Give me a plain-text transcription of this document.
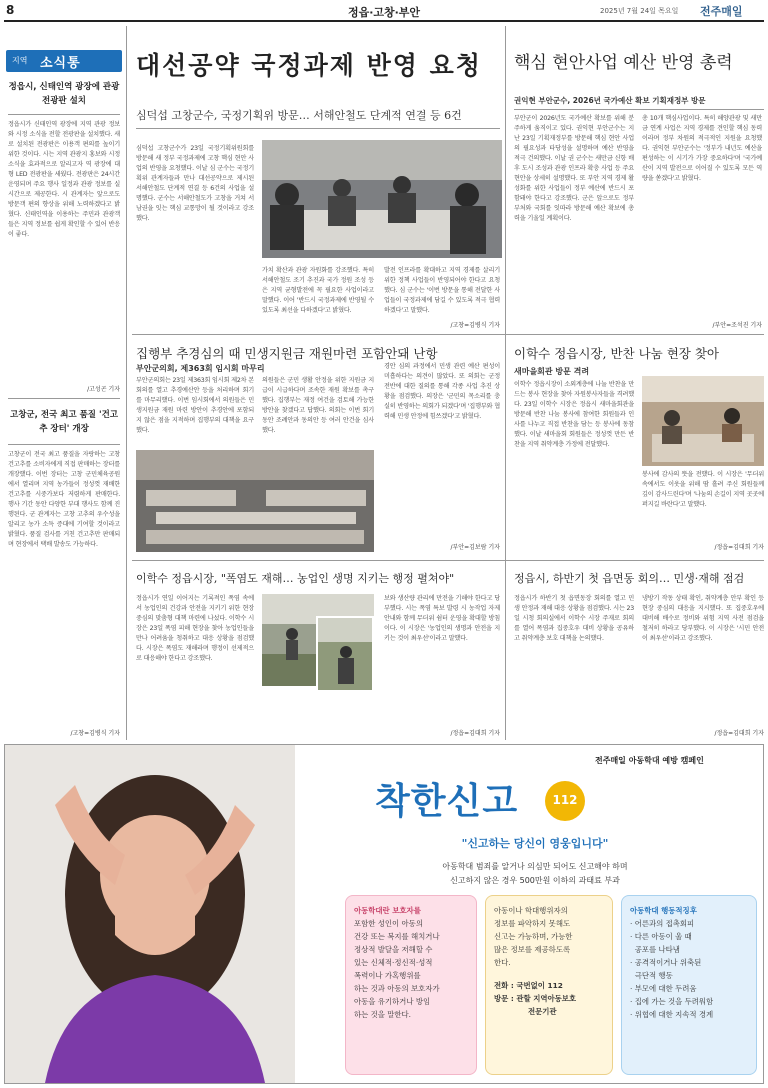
8	정읍·고창·부안	2025년 7월 24일 목요일 전주매일
지역 소식통
정읍시, 신태인역 광장에 관광 전광판 설치
정읍시가 신태인역 광장에 지역 관광 정보와 시정 소식을 전할 전광판을 설치했다. 새로 설치된 전광판은 이용객 편의를 높이기 위한 것이다. 시는 지역 관광지 홍보와 시정 소식을 효과적으로 알리고자 역 광장에 대형 LED 전광판을 세웠다. 전광판은 24시간 운영되며 주요 행사 일정과 관광 정보를 실시간으로 제공한다. 시 관계자는 앞으로도 방문객 편의 향상을 위해 노력하겠다고 밝혔다. 신태인역을 이용하는 주민과 관광객들은 지역 정보를 쉽게 확인할 수 있어 반응이 좋다.
/고성곤 기자
고창군, 전국 최고 품질 '건고추 장터' 개장
고창군이 전국 최고 품질을 자랑하는 고창 건고추를 소비자에게 직접 판매하는 장터를 개장했다. 이번 장터는 고창 군민체육공원에서 열리며 지역 농가들이 정성껏 재배한 건고추를 시중가보다 저렴하게 판매한다. 행사 기간 동안 다양한 부대 행사도 함께 진행된다. 군 관계자는 고창 고추의 우수성을 알리고 농가 소득 증대에 기여할 것이라고 밝혔다. 품질 검사를 거친 건고추만 판매되며 현장에서 택배 발송도 가능하다.
/고창=김병식 기자
대선공약 국정과제 반영 요청
심덕섭 고창군수, 국정기획위 방문… 서해안철도 단계적 연결 등 6건
심덕섭 고창군수가 23일 국정기획위원회를 방문해 새 정부 국정과제에 고창 핵심 현안 사업의 반영을 요청했다. 이날 심 군수는 국정기획위 관계자들과 만나 대선공약으로 제시된 서해안철도 단계적 연결 등 6건의 사업을 설명했다. 군수는 서해안철도가 고창을 거쳐 서남권을 잇는 핵심 교통망이 될 것이라고 강조했다.
가치 확산과 관광 자원화를 강조했다. 특히 서해안철도 조기 추진과 국가 정원 조성 등은 지역 균형발전에 꼭 필요한 사업이라고 말했다. 이어 '반드시 국정과제에 반영될 수 있도록 최선을 다하겠다'고 밝혔다.
발전 인프라를 확대하고 지역 경제를 살리기 위한 정책 사업들이 반영되어야 한다고 요청했다. 심 군수는 '이번 방문을 통해 전달한 사업들이 국정과제에 담길 수 있도록 적극 협력하겠다'고 말했다.
/고창=김병식 기자
핵심 현안사업 예산 반영 총력
권익현 부안군수, 2026년 국가예산 확보 기획재정부 방문
부안군이 2026년도 국가예산 확보를 위해 분주하게 움직이고 있다. 권익현 부안군수는 지난 23일 기획재정부를 방문해 핵심 현안 사업의 필요성과 타당성을 설명하며 예산 반영을 적극 건의했다. 이날 권 군수는 새만금 신항 배후 도시 조성과 관광 인프라 확충 사업 등 주요 현안을 상세히 설명했다. 또 부안 지역 경제 활성화를 위한 사업들이 정부 예산에 반드시 포함돼야 한다고 강조했다. 군은 앞으로도 정부 부처와 국회를 잇따라 방문해 예산 확보에 총력을 기울일 계획이다.
총 10개 핵심사업이다. 특히 해양관광 및 새만금 연계 사업은 지역 경제를 견인할 핵심 동력이라며 정부 차원의 적극적인 지원을 요청했다. 권익현 부안군수는 '정부가 내년도 예산을 편성하는 이 시기가 가장 중요하다'며 '국가예산이 지역 발전으로 이어질 수 있도록 모든 역량을 쏟겠다'고 밝혔다.
/부안=조석진 기자
집행부 추경심의 때 민생지원금 재원마련 포함안돼 난항
부안군의회, 제363회 임시회 마무리
부안군의회는 23일 제363회 임시회 제2차 본회의를 열고 추경예산안 등을 처리하며 회기를 마무리했다. 이번 임시회에서 의원들은 민생지원금 재원 마련 방안이 추경안에 포함되지 않은 점을 지적하며 집행부의 대책을 요구했다.
의원들은 군민 생활 안정을 위한 지원금 지급이 시급하다며 조속한 재원 확보를 촉구했다. 집행부는 재정 여건을 검토해 가능한 방안을 찾겠다고 답했다. 의회는 이번 회기 동안 조례안과 동의안 등 여러 안건을 심사했다.
경안 심의 과정에서 민생 관련 예산 편성이 미흡하다는 의견이 많았다. 또 의회는 군정 전반에 대한 질의를 통해 각종 사업 추진 상황을 점검했다. 의장은 '군민의 목소리를 충실히 반영하는 의회가 되겠다'며 '집행부와 협력해 민생 안정에 힘쓰겠다'고 밝혔다.
/부안=김보람 기자
이학수 정읍시장, 반찬 나눔 현장 찾아
새마을회관 방문 격려
이학수 정읍시장이 소외계층에 나눌 반찬을 만드는 봉사 현장을 찾아 자원봉사자들을 격려했다. 23일 이학수 시장은 정읍시 새마을회관을 방문해 반찬 나눔 봉사에 참여한 회원들과 인사를 나누고 직접 반찬을 담는 등 봉사에 동참했다. 이날 새마을회 회원들은 정성껏 만든 반찬을 지역 취약계층 가정에 전달했다.
봉사에 감사의 뜻을 전했다. 이 시장은 '무더위 속에서도 이웃을 위해 땀 흘려 주신 회원들께 깊이 감사드린다'며 '나눔의 손길이 지역 곳곳에 퍼지길 바란다'고 말했다.
/정읍=김대희 기자
이학수 정읍시장, "폭염도 재해… 농업인 생명 지키는 행정 펼쳐야"
정읍시가 연일 이어지는 기록적인 폭염 속에서 농업인의 건강과 안전을 지키기 위한 현장 중심의 맞춤형 대책 마련에 나섰다. 이학수 시장은 23일 폭염 피해 현장을 찾아 농업인들을 만나 어려움을 청취하고 대응 상황을 점검했다. 시장은 폭염도 재해라며 행정이 선제적으로 대응해야 한다고 강조했다.
보와 생산량 관리에 만전을 기해야 한다고 당부했다. 시는 폭염 특보 발령 시 농작업 자제 안내와 함께 무더위 쉼터 운영을 확대할 방침이다. 이 시장은 '농업인의 생명과 안전을 지키는 것이 최우선'이라고 말했다.
/정읍=김대희 기자
정읍시, 하반기 첫 읍면동 회의… 민생·재해 점검
정읍시가 하반기 첫 읍면동장 회의를 열고 민생 안정과 재해 대응 상황을 점검했다. 시는 23일 시청 회의실에서 이학수 시장 주재로 회의를 열어 폭염과 집중호우 대비 상황을 공유하고 취약계층 보호 대책을 논의했다.
냉방기 작동 상태 확인, 취약계층 안부 확인 등 현장 중심의 대응을 지시했다. 또 집중호우에 대비해 배수로 정비와 위험 지역 사전 점검을 철저히 하라고 당부했다. 이 시장은 '시민 안전이 최우선'이라고 강조했다.
/정읍=김대희 기자
전주매일 아동학대 예방 캠페인
착한신고	112
"신고하는 당신이 영웅입니다"
아동학대 범죄를 알거나 의심만 되어도 신고해야 하며
신고하지 않은 경우 500만원 이하의 과태료 부과
아동학대란 보호자를
포함한 성인이 아동의
건강 또는 복지를 해치거나
정상적 발달을 저해할 수
있는 신체적·정신적·성적
폭력이나 가혹행위를
하는 것과 아동의 보호자가
아동을 유기하거나 방임
하는 것을 말한다.
아동이나 학대행위자의
정보를 파악하지 못해도
신고는 가능하며, 가능한
많은 정보를 제공하도록
한다.
전화 : 국번없이 112
방문 : 관할 지역아동보호
전문기관
아동학대 행동적징후
· 어른과의 접촉회피
· 다른 아동이 울 때
공포를 나타냄
· 공격적이거나 위축된
극단적 행동
· 부모에 대한 두려움
· 집에 가는 것을 두려워함
· 위협에 대한 지속적 경계
